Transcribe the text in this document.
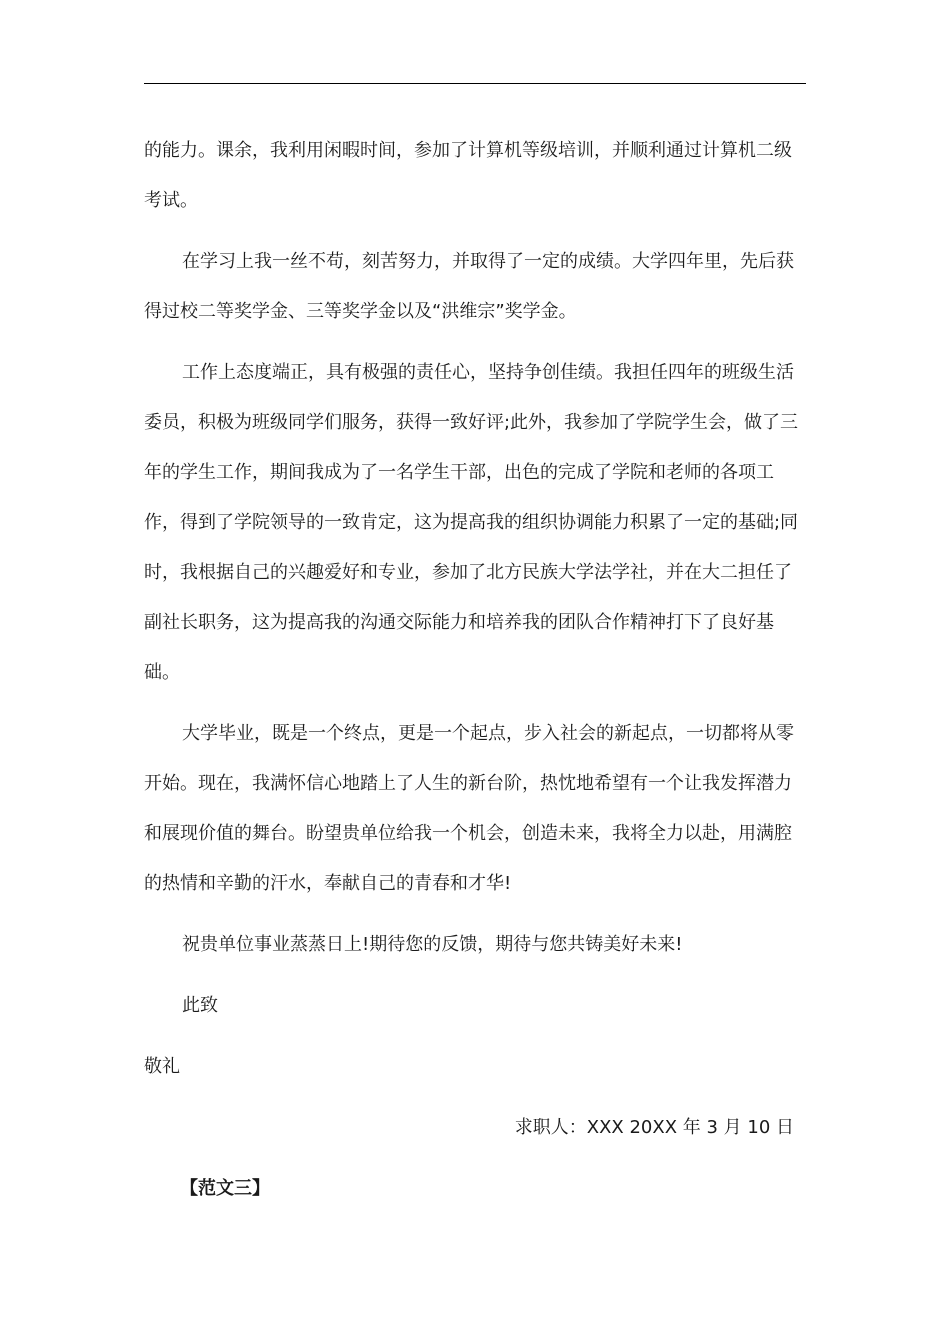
的能力。课余，我利用闲暇时间，参加了计算机等级培训，并顺利通过计算机二级考试。

在学习上我一丝不苟，刻苦努力，并取得了一定的成绩。大学四年里，先后获得过校二等奖学金、三等奖学金以及“洪维宗”奖学金。

工作上态度端正，具有极强的责任心，坚持争创佳绩。我担任四年的班级生活委员，积极为班级同学们服务，获得一致好评;此外，我参加了学院学生会，做了三年的学生工作，期间我成为了一名学生干部，出色的完成了学院和老师的各项工作，得到了学院领导的一致肯定，这为提高我的组织协调能力积累了一定的基础;同时，我根据自己的兴趣爱好和专业，参加了北方民族大学法学社，并在大二担任了副社长职务，这为提高我的沟通交际能力和培养我的团队合作精神打下了良好基础。

大学毕业，既是一个终点，更是一个起点，步入社会的新起点，一切都将从零开始。现在，我满怀信心地踏上了人生的新台阶，热忱地希望有一个让我发挥潜力和展现价值的舞台。盼望贵单位给我一个机会，创造未来，我将全力以赴，用满腔的热情和辛勤的汗水，奉献自己的青春和才华!

祝贵单位事业蒸蒸日上!期待您的反馈，期待与您共铸美好未来!

此致

敬礼

求职人：XXX 20XX 年 3 月 10 日

【范文三】
